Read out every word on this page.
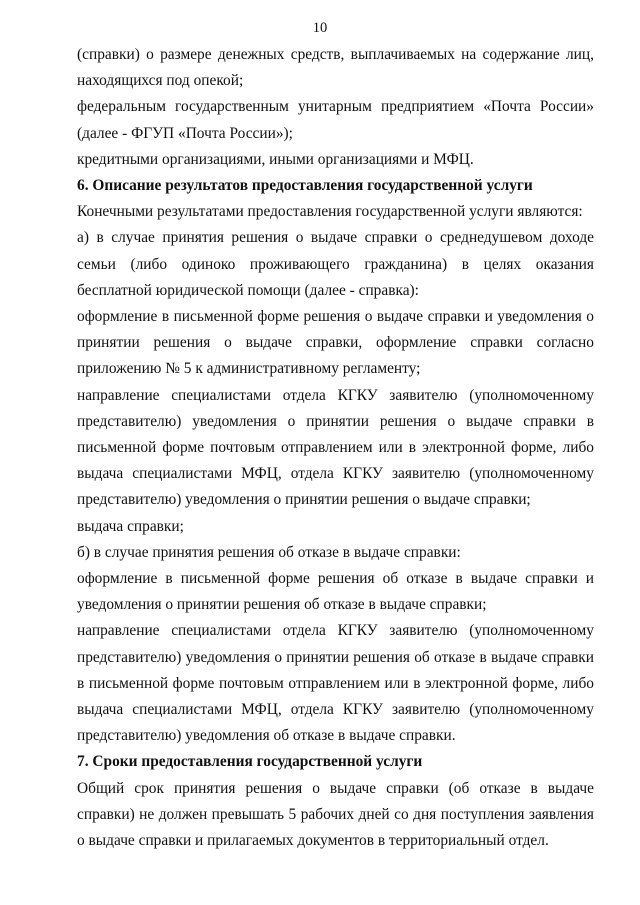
10

(справки) о размере денежных средств, выплачиваемых на содержание лиц, находящихся под опекой;

федеральным государственным унитарным предприятием «Почта России» (далее - ФГУП «Почта России»);

кредитными организациями, иными организациями и МФЦ.

6. Описание результатов предоставления государственной услуги

Конечными результатами предоставления государственной услуги являются:

а) в случае принятия решения о выдаче справки о среднедушевом доходе семьи (либо одиноко проживающего гражданина) в целях оказания бесплатной юридической помощи (далее - справка):

оформление в письменной форме решения о выдаче справки и уведомления о принятии решения о выдаче справки, оформление справки согласно приложению № 5 к административному регламенту;

направление специалистами отдела КГКУ заявителю (уполномоченному представителю) уведомления о принятии решения о выдаче справки в письменной форме почтовым отправлением или в электронной форме, либо выдача специалистами МФЦ, отдела КГКУ заявителю (уполномоченному представителю) уведомления о принятии решения о выдаче справки;

выдача справки;

б) в случае принятия решения об отказе в выдаче справки:

оформление в письменной форме решения об отказе в выдаче справки и уведомления о принятии решения об отказе в выдаче справки;

направление специалистами отдела КГКУ заявителю (уполномоченному представителю) уведомления о принятии решения об отказе в выдаче справки в письменной форме почтовым отправлением или в электронной форме, либо выдача специалистами МФЦ, отдела КГКУ заявителю (уполномоченному представителю) уведомления об отказе в выдаче справки.

7. Сроки предоставления государственной услуги

Общий срок принятия решения о выдаче справки (об отказе в выдаче справки) не должен превышать 5 рабочих дней со дня поступления заявления о выдаче справки и прилагаемых документов в территориальный отдел.
